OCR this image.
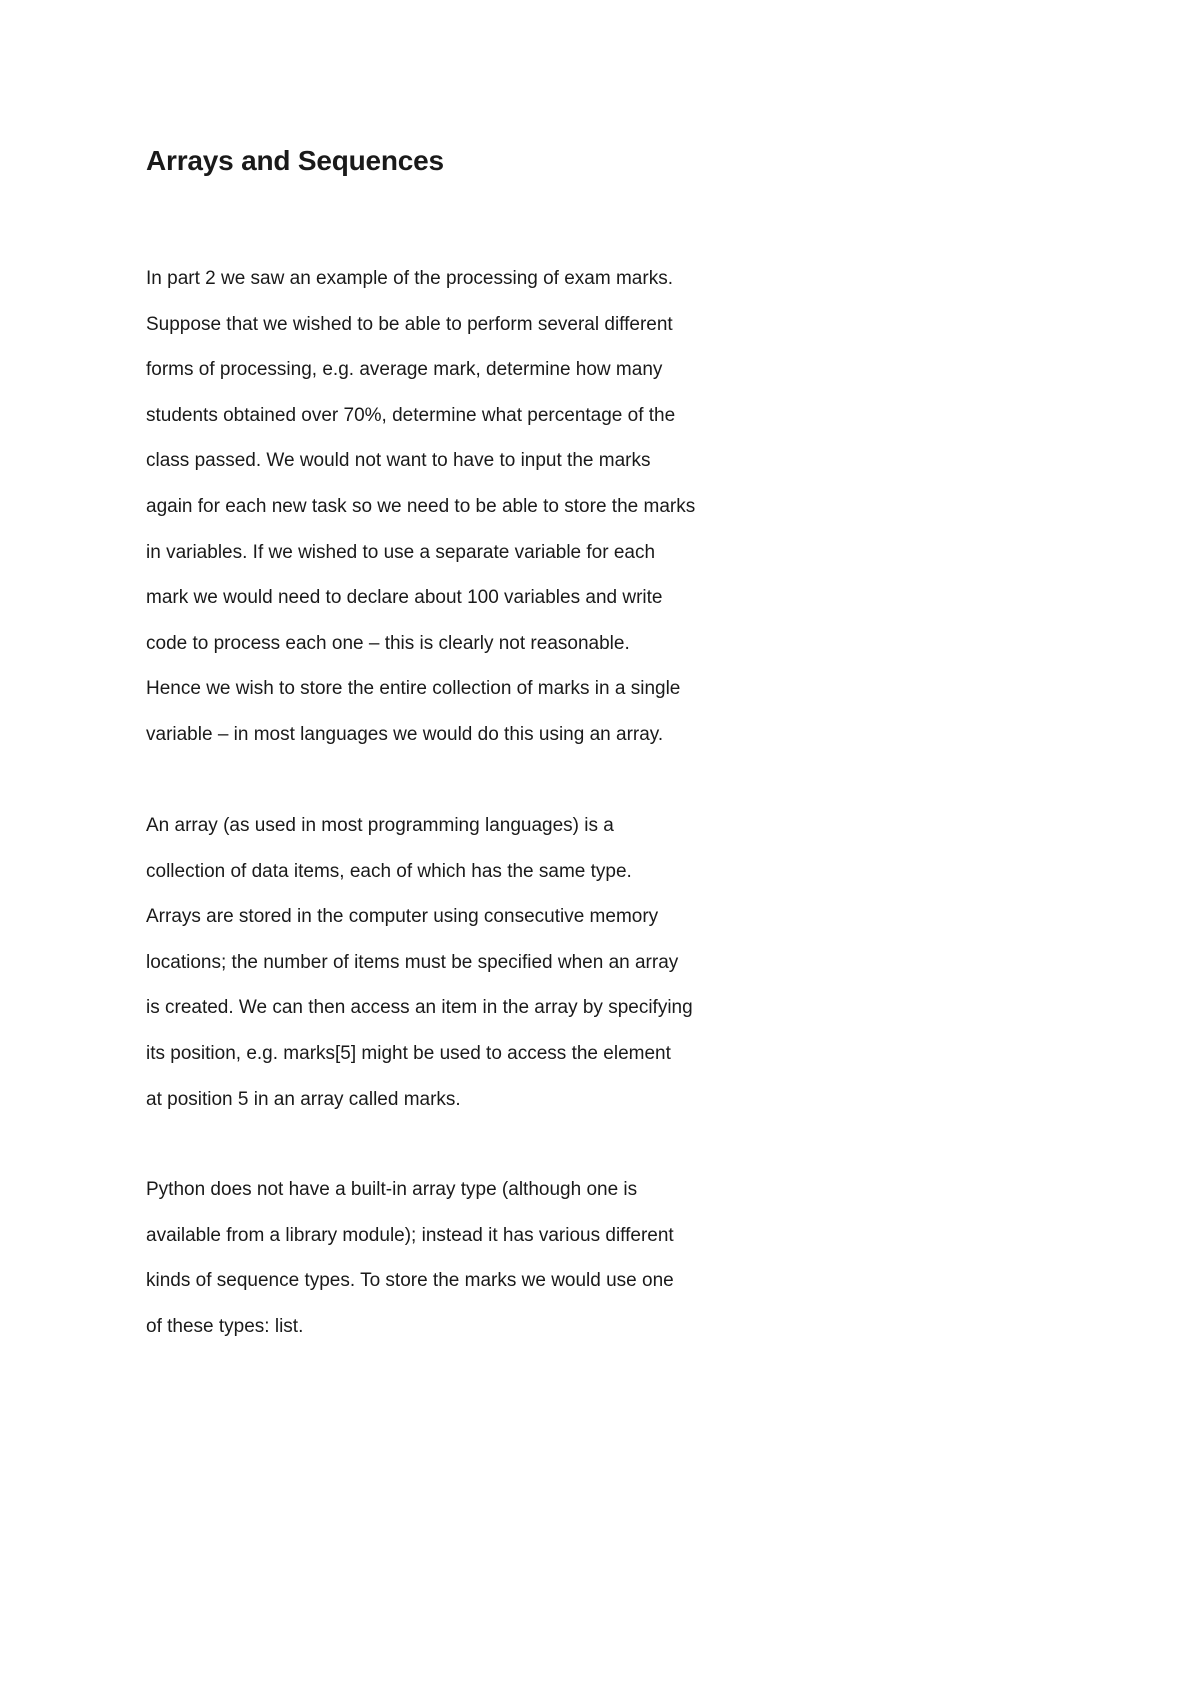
Arrays and Sequences
In part 2 we saw an example of the processing of exam marks.
Suppose that we wished to be able to perform several different
forms of processing, e.g. average mark, determine how many
students obtained over 70%, determine what percentage of the
class passed. We would not want to have to input the marks
again for each new task so we need to be able to store the marks
in variables. If we wished to use a separate variable for each
mark we would need to declare about 100 variables and write
code to process each one – this is clearly not reasonable.
Hence we wish to store the entire collection of marks in a single
variable – in most languages we would do this using an array.
An array (as used in most programming languages) is a
collection of data items, each of which has the same type.
Arrays are stored in the computer using consecutive memory
locations; the number of items must be specified when an array
is created. We can then access an item in the array by specifying
its position, e.g. marks[5] might be used to access the element
at position 5 in an array called marks.
Python does not have a built-in array type (although one is
available from a library module); instead it has various different
kinds of sequence types. To store the marks we would use one
of these types: list.
